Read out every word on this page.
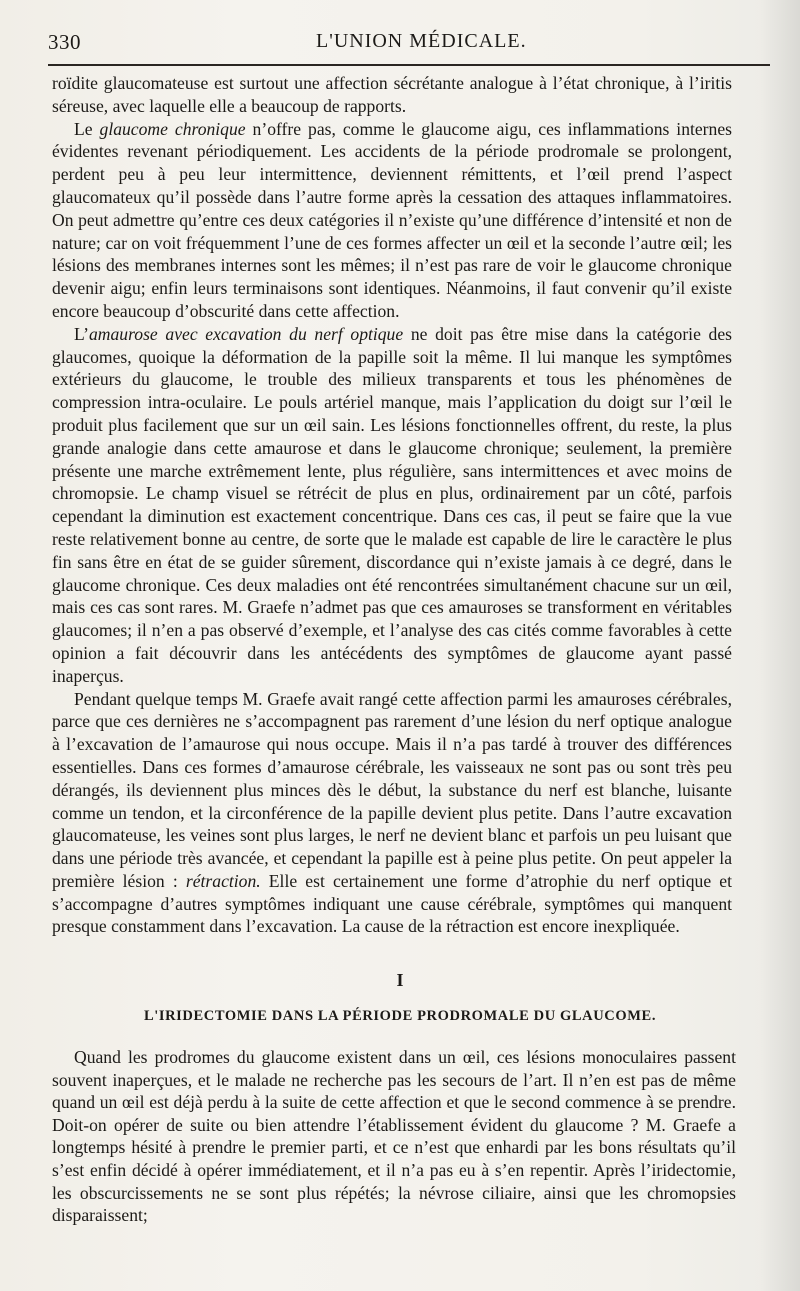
330	L'UNION MÉDICALE.

roïdite glaucomateuse est surtout une affection sécrétante analogue à l’état chronique, à l’iritis séreuse, avec laquelle elle a beaucoup de rapports.

Le glaucome chronique n’offre pas, comme le glaucome aigu, ces inflammations internes évidentes revenant périodiquement. Les accidents de la période prodromale se prolongent, perdent peu à peu leur intermittence, deviennent rémittents, et l’œil prend l’aspect glaucomateux qu’il possède dans l’autre forme après la cessation des attaques inflammatoires. On peut admettre qu’entre ces deux catégories il n’existe qu’une différence d’intensité et non de nature; car on voit fréquemment l’une de ces formes affecter un œil et la seconde l’autre œil; les lésions des membranes internes sont les mêmes; il n’est pas rare de voir le glaucome chronique devenir aigu; enfin leurs terminaisons sont identiques. Néanmoins, il faut convenir qu’il existe encore beaucoup d’obscurité dans cette affection.

L’amaurose avec excavation du nerf optique ne doit pas être mise dans la catégorie des glaucomes, quoique la déformation de la papille soit la même. Il lui manque les symptômes extérieurs du glaucome, le trouble des milieux transparents et tous les phénomènes de compression intra-oculaire. Le pouls artériel manque, mais l’application du doigt sur l’œil le produit plus facilement que sur un œil sain. Les lésions fonctionnelles offrent, du reste, la plus grande analogie dans cette amaurose et dans le glaucome chronique; seulement, la première présente une marche extrêmement lente, plus régulière, sans intermittences et avec moins de chromopsie. Le champ visuel se rétrécit de plus en plus, ordinairement par un côté, parfois cependant la diminution est exactement concentrique. Dans ces cas, il peut se faire que la vue reste relativement bonne au centre, de sorte que le malade est capable de lire le caractère le plus fin sans être en état de se guider sûrement, discordance qui n’existe jamais à ce degré, dans le glaucome chronique. Ces deux maladies ont été rencontrées simultanément chacune sur un œil, mais ces cas sont rares. M. Graefe n’admet pas que ces amauroses se transforment en véritables glaucomes; il n’en a pas observé d’exemple, et l’analyse des cas cités comme favorables à cette opinion a fait découvrir dans les antécédents des symptômes de glaucome ayant passé inaperçus.

Pendant quelque temps M. Graefe avait rangé cette affection parmi les amauroses cérébrales, parce que ces dernières ne s’accompagnent pas rarement d’une lésion du nerf optique analogue à l’excavation de l’amaurose qui nous occupe. Mais il n’a pas tardé à trouver des différences essentielles. Dans ces formes d’amaurose cérébrale, les vaisseaux ne sont pas ou sont très peu dérangés, ils deviennent plus minces dès le début, la substance du nerf est blanche, luisante comme un tendon, et la circonférence de la papille devient plus petite. Dans l’autre excavation glaucomateuse, les veines sont plus larges, le nerf ne devient blanc et parfois un peu luisant que dans une période très avancée, et cependant la papille est à peine plus petite. On peut appeler la première lésion : rétraction. Elle est certainement une forme d’atrophie du nerf optique et s’accompagne d’autres symptômes indiquant une cause cérébrale, symptômes qui manquent presque constamment dans l’excavation. La cause de la rétraction est encore inexpliquée.

I
L'IRIDECTOMIE DANS LA PÉRIODE PRODROMALE DU GLAUCOME.

Quand les prodromes du glaucome existent dans un œil, ces lésions monoculaires passent souvent inaperçues, et le malade ne recherche pas les secours de l’art. Il n’en est pas de même quand un œil est déjà perdu à la suite de cette affection et que le second commence à se prendre. Doit-on opérer de suite ou bien attendre l’établissement évident du glaucome ? M. Graefe a longtemps hésité à prendre le premier parti, et ce n’est que enhardi par les bons résultats qu’il s’est enfin décidé à opérer immédiatement, et il n’a pas eu à s’en repentir. Après l’iridectomie, les obscurcissements ne se sont plus répétés; la névrose ciliaire, ainsi que les chromopsies disparaissent;
